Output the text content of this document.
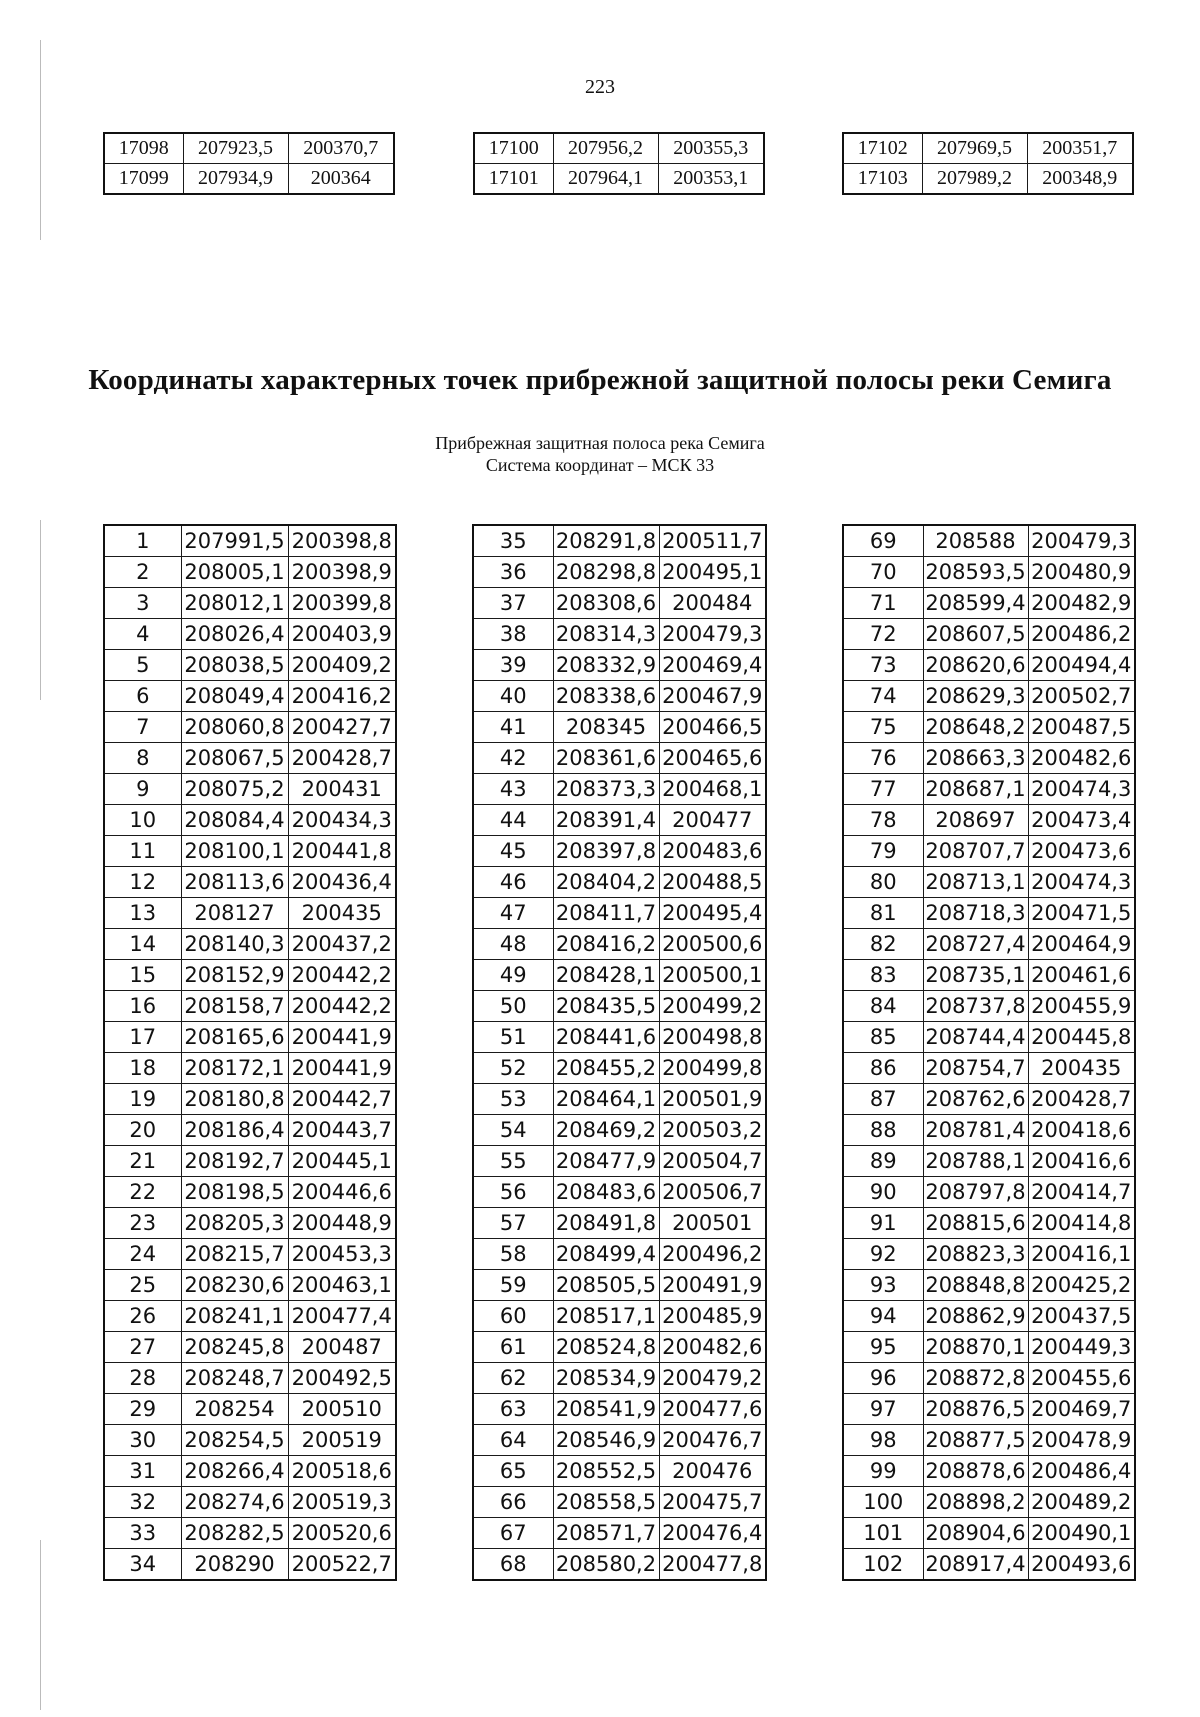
223
17098	207923,5	200370,7
17099	207934,9	200364
17100	207956,2	200355,3
17101	207964,1	200353,1
17102	207969,5	200351,7
17103	207989,2	200348,9
Координаты характерных точек прибрежной защитной полосы реки Семига
Прибрежная защитная полоса река Семига
Система координат – МСК 33
1	207991,5	200398,8
2	208005,1	200398,9
3	208012,1	200399,8
4	208026,4	200403,9
5	208038,5	200409,2
6	208049,4	200416,2
7	208060,8	200427,7
8	208067,5	200428,7
9	208075,2	200431
10	208084,4	200434,3
11	208100,1	200441,8
12	208113,6	200436,4
13	208127	200435
14	208140,3	200437,2
15	208152,9	200442,2
16	208158,7	200442,2
17	208165,6	200441,9
18	208172,1	200441,9
19	208180,8	200442,7
20	208186,4	200443,7
21	208192,7	200445,1
22	208198,5	200446,6
23	208205,3	200448,9
24	208215,7	200453,3
25	208230,6	200463,1
26	208241,1	200477,4
27	208245,8	200487
28	208248,7	200492,5
29	208254	200510
30	208254,5	200519
31	208266,4	200518,6
32	208274,6	200519,3
33	208282,5	200520,6
34	208290	200522,7
35	208291,8	200511,7
36	208298,8	200495,1
37	208308,6	200484
38	208314,3	200479,3
39	208332,9	200469,4
40	208338,6	200467,9
41	208345	200466,5
42	208361,6	200465,6
43	208373,3	200468,1
44	208391,4	200477
45	208397,8	200483,6
46	208404,2	200488,5
47	208411,7	200495,4
48	208416,2	200500,6
49	208428,1	200500,1
50	208435,5	200499,2
51	208441,6	200498,8
52	208455,2	200499,8
53	208464,1	200501,9
54	208469,2	200503,2
55	208477,9	200504,7
56	208483,6	200506,7
57	208491,8	200501
58	208499,4	200496,2
59	208505,5	200491,9
60	208517,1	200485,9
61	208524,8	200482,6
62	208534,9	200479,2
63	208541,9	200477,6
64	208546,9	200476,7
65	208552,5	200476
66	208558,5	200475,7
67	208571,7	200476,4
68	208580,2	200477,8
69	208588	200479,3
70	208593,5	200480,9
71	208599,4	200482,9
72	208607,5	200486,2
73	208620,6	200494,4
74	208629,3	200502,7
75	208648,2	200487,5
76	208663,3	200482,6
77	208687,1	200474,3
78	208697	200473,4
79	208707,7	200473,6
80	208713,1	200474,3
81	208718,3	200471,5
82	208727,4	200464,9
83	208735,1	200461,6
84	208737,8	200455,9
85	208744,4	200445,8
86	208754,7	200435
87	208762,6	200428,7
88	208781,4	200418,6
89	208788,1	200416,6
90	208797,8	200414,7
91	208815,6	200414,8
92	208823,3	200416,1
93	208848,8	200425,2
94	208862,9	200437,5
95	208870,1	200449,3
96	208872,8	200455,6
97	208876,5	200469,7
98	208877,5	200478,9
99	208878,6	200486,4
100	208898,2	200489,2
101	208904,6	200490,1
102	208917,4	200493,6
